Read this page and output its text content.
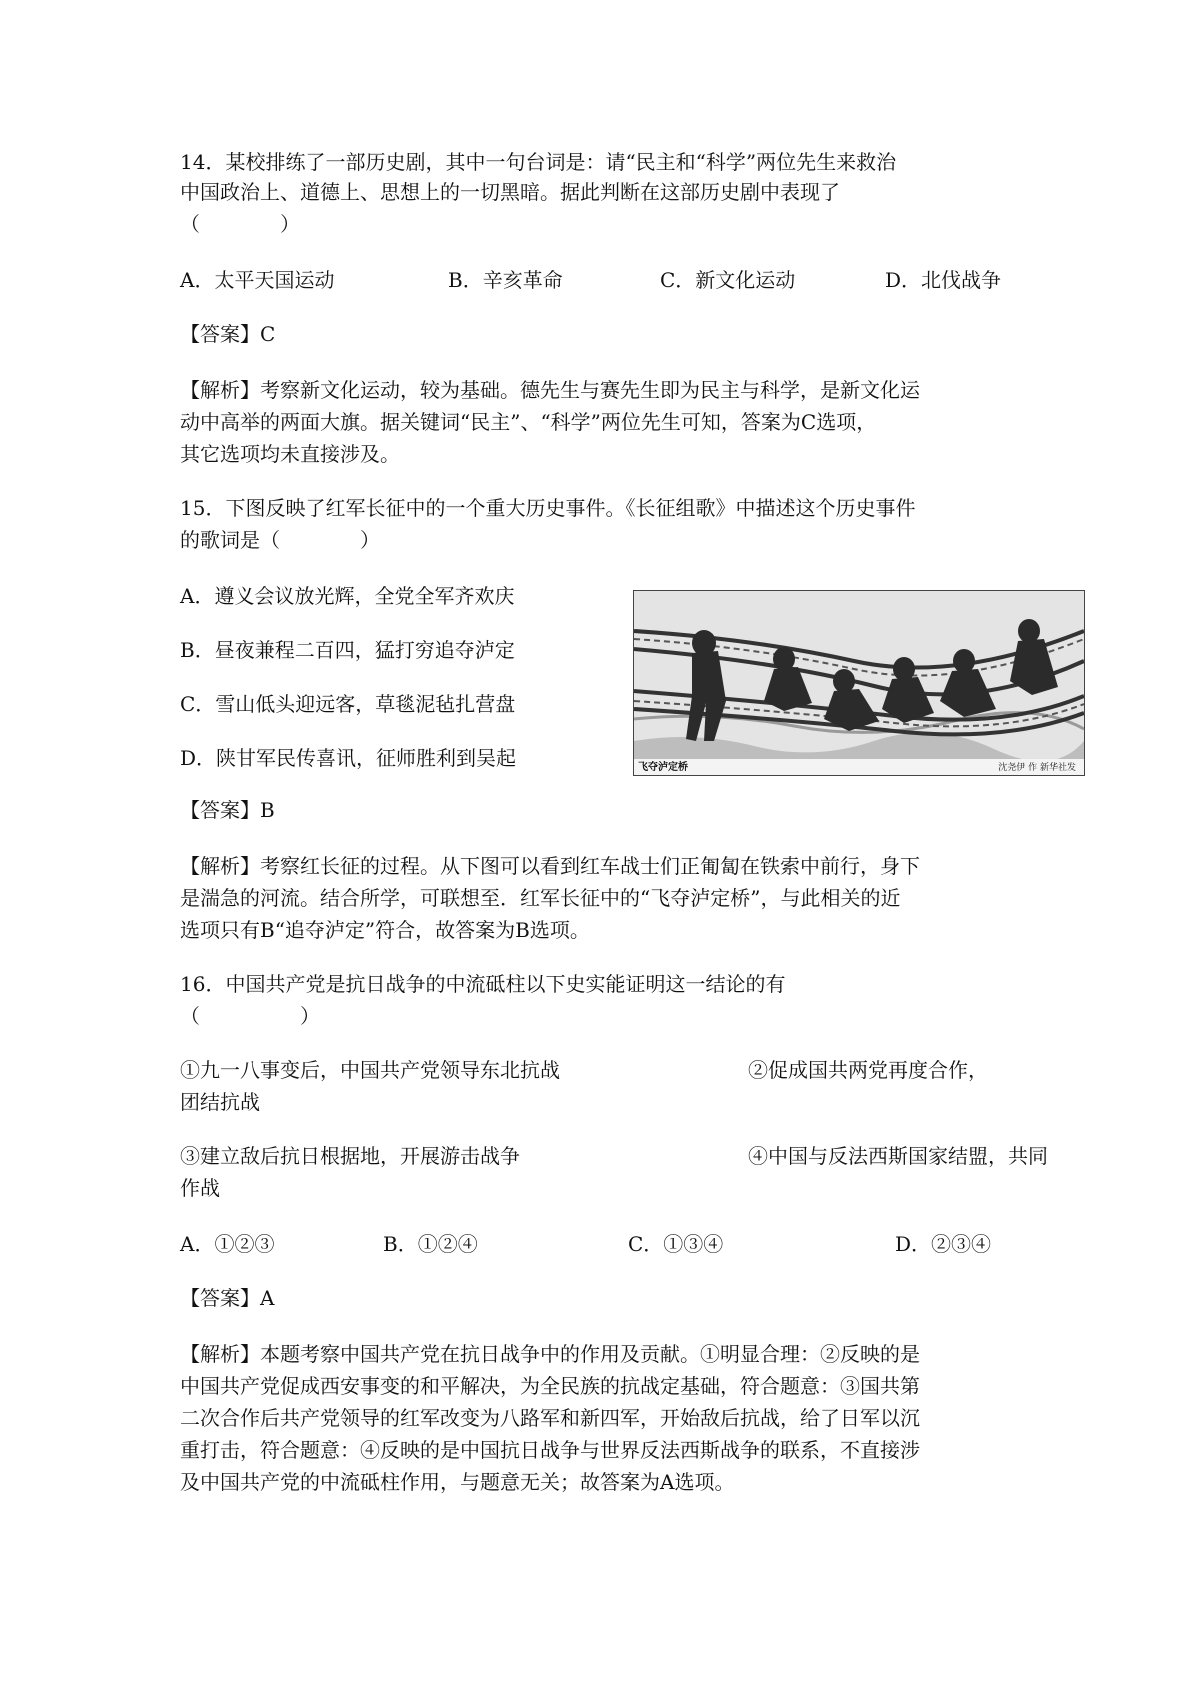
14．某校排练了一部历史剧，其中一句台词是：请“民主和“科学”两位先生来救治
中国政治上、道德上、思想上的一切黑暗。据此判断在这部历史剧中表现了
（　　　　）
A．太平天国运动	B．辛亥革命	C．新文化运动	D．北伐战争
【答案】C
【解析】考察新文化运动，较为基础。德先生与赛先生即为民主与科学，是新文化运
动中高举的两面大旗。据关键词“民主”、“科学”两位先生可知，答案为C选项，
其它选项均未直接涉及。
15．下图反映了红军长征中的一个重大历史事件。《长征组歌》中描述这个历史事件
的歌词是（　　　　）
A．遵义会议放光辉，全党全军齐欢庆
B．昼夜兼程二百四，猛打穷追夺泸定
C．雪山低头迎远客，草毯泥毡扎营盘
D．陕甘军民传喜讯，征师胜利到吴起	飞夺泸定桥	沈尧伊 作 新华社发
【答案】B
【解析】考察红长征的过程。从下图可以看到红车战士们正匍匐在铁索中前行，身下
是湍急的河流。结合所学，可联想至．红军长征中的“飞夺泸定桥”，与此相关的近
选项只有B“追夺泸定”符合，故答案为B选项。
16．中国共产党是抗日战争的中流砥柱以下史实能证明这一结论的有
（　　　　　）
①九一八事变后，中国共产党领导东北抗战	②促成国共两党再度合作，
团结抗战
③建立敌后抗日根据地，开展游击战争	④中国与反法西斯国家结盟，共同
作战
A．①②③	B．①②④	C．①③④	D．②③④
【答案】A
【解析】本题考察中国共产党在抗日战争中的作用及贡献。①明显合理：②反映的是
中国共产党促成西安事变的和平解决，为全民族的抗战定基础，符合题意：③国共第
二次合作后共产党领导的红军改变为八路军和新四军，开始敌后抗战，给了日军以沉
重打击，符合题意：④反映的是中国抗日战争与世界反法西斯战争的联系，不直接涉
及中国共产党的中流砥柱作用，与题意无关；故答案为A选项。
